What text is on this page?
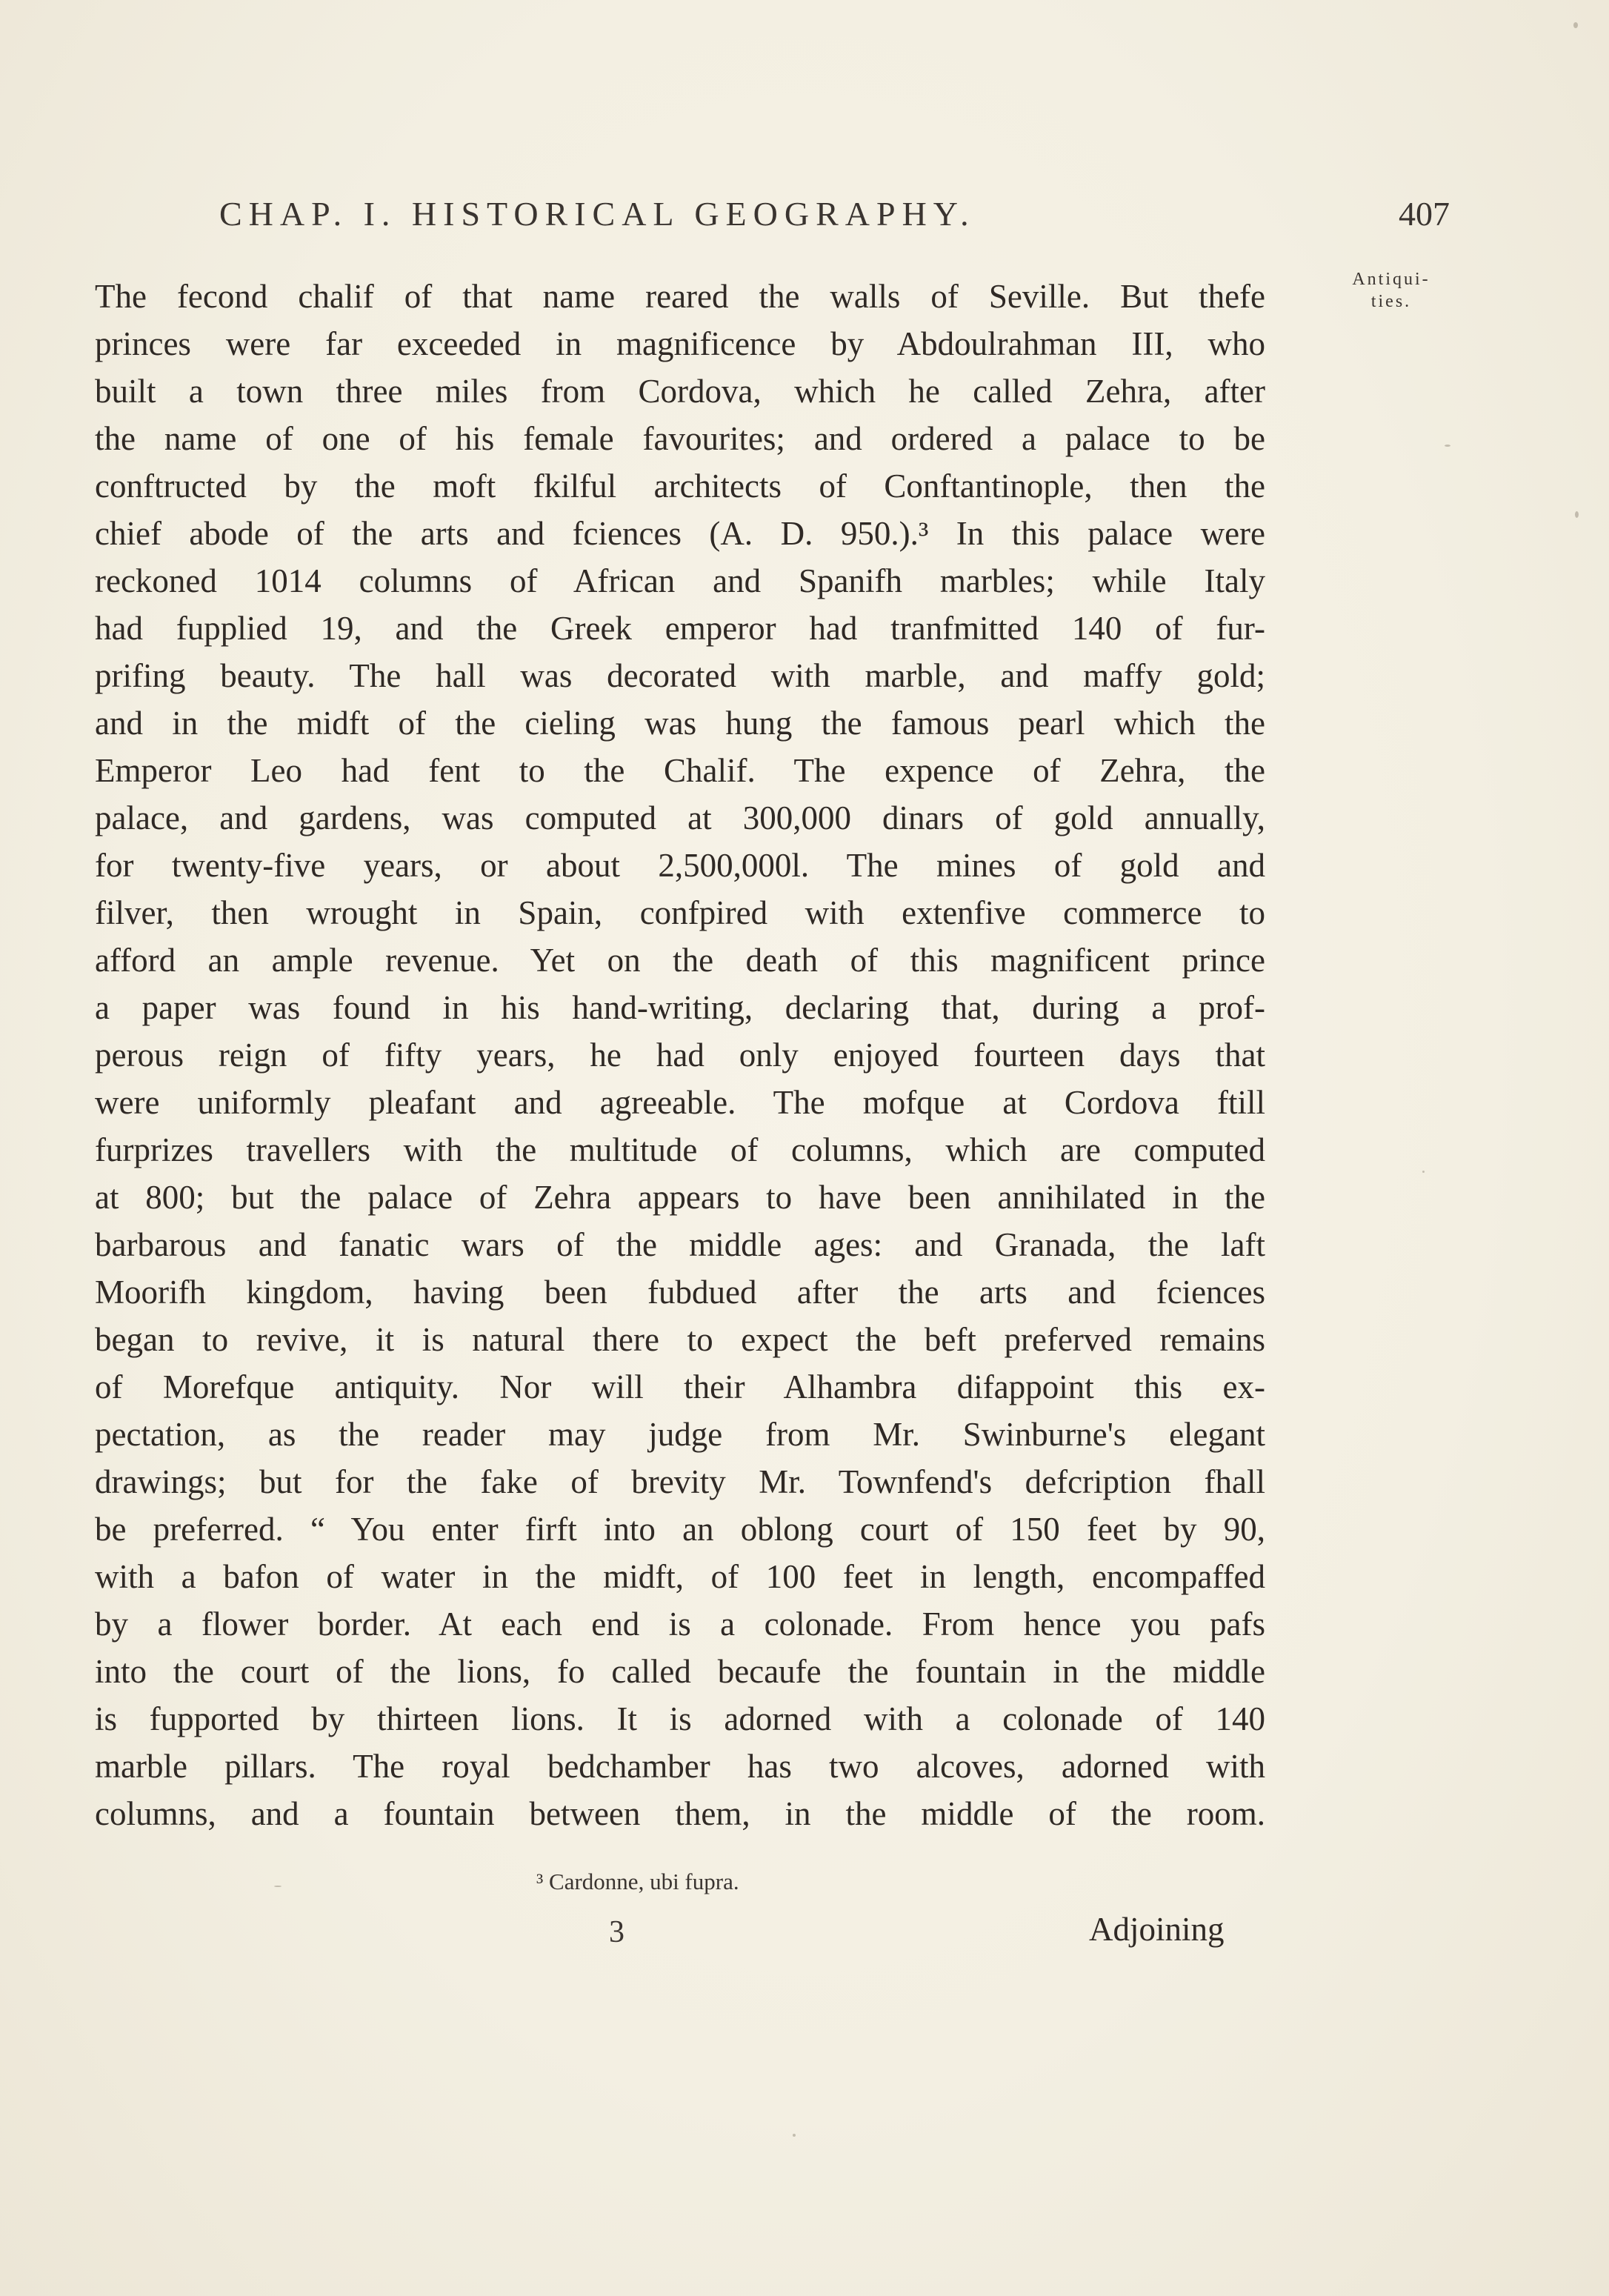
CHAP. I. HISTORICAL GEOGRAPHY.	407
Antiqui-
ties.
The fecond chalif of that name reared the walls of Seville. But thefe
princes were far exceeded in magnificence by Abdoulrahman III, who
built a town three miles from Cordova, which he called Zehra, after
the name of one of his female favourites; and ordered a palace to be
conftructed by the moft fkilful architects of Conftantinople, then the
chief abode of the arts and fciences (A. D. 950.).³ In this palace were
reckoned 1014 columns of African and Spanifh marbles; while Italy
had fupplied 19, and the Greek emperor had tranfmitted 140 of fur-
prifing beauty. The hall was decorated with marble, and maffy gold;
and in the midft of the cieling was hung the famous pearl which the
Emperor Leo had fent to the Chalif. The expence of Zehra, the
palace, and gardens, was computed at 300,000 dinars of gold annually,
for twenty-five years, or about 2,500,000l. The mines of gold and
filver, then wrought in Spain, confpired with extenfive commerce to
afford an ample revenue. Yet on the death of this magnificent prince
a paper was found in his hand-writing, declaring that, during a prof-
perous reign of fifty years, he had only enjoyed fourteen days that
were uniformly pleafant and agreeable. The mofque at Cordova ftill
furprizes travellers with the multitude of columns, which are computed
at 800; but the palace of Zehra appears to have been annihilated in the
barbarous and fanatic wars of the middle ages: and Granada, the laft
Moorifh kingdom, having been fubdued after the arts and fciences
began to revive, it is natural there to expect the beft preferved remains
of Morefque antiquity. Nor will their Alhambra difappoint this ex-
pectation, as the reader may judge from Mr. Swinburne's elegant
drawings; but for the fake of brevity Mr. Townfend's defcription fhall
be preferred. “ You enter firft into an oblong court of 150 feet by 90,
with a bafon of water in the midft, of 100 feet in length, encompaffed
by a flower border. At each end is a colonade. From hence you pafs
into the court of the lions, fo called becaufe the fountain in the middle
is fupported by thirteen lions. It is adorned with a colonade of 140
marble pillars. The royal bedchamber has two alcoves, adorned with
columns, and a fountain between them, in the middle of the room.
³ Cardonne, ubi fupra.
3	Adjoining
